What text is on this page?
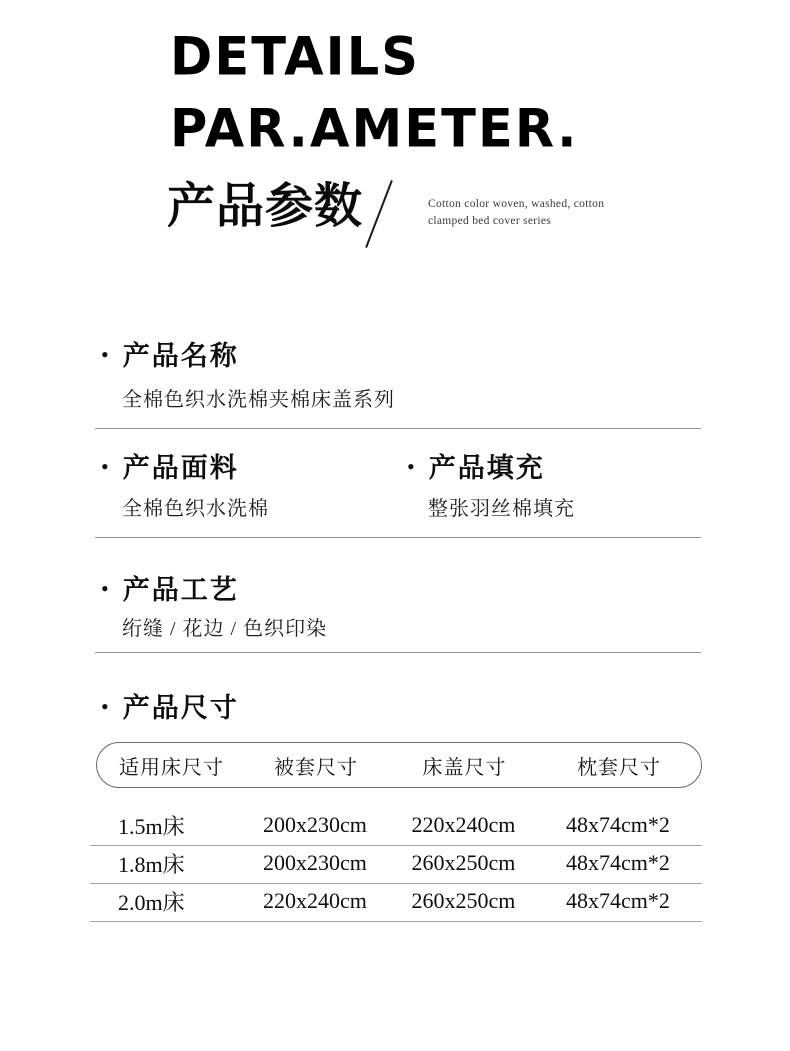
DETAILS
PAR.AMETER.
产品参数	Cotton color woven, washed, cotton
clamped bed cover series
• 产品名称
全棉色织水洗棉夹棉床盖系列
• 产品面料
全棉色织水洗棉
• 产品填充
整张羽丝棉填充
• 产品工艺
绗缝 / 花边 / 色织印染
• 产品尺寸
适用床尺寸	被套尺寸	床盖尺寸	枕套尺寸
1.5m床	200x230cm	220x240cm	48x74cm*2
1.8m床	200x230cm	260x250cm	48x74cm*2
2.0m床	220x240cm	260x250cm	48x74cm*2
